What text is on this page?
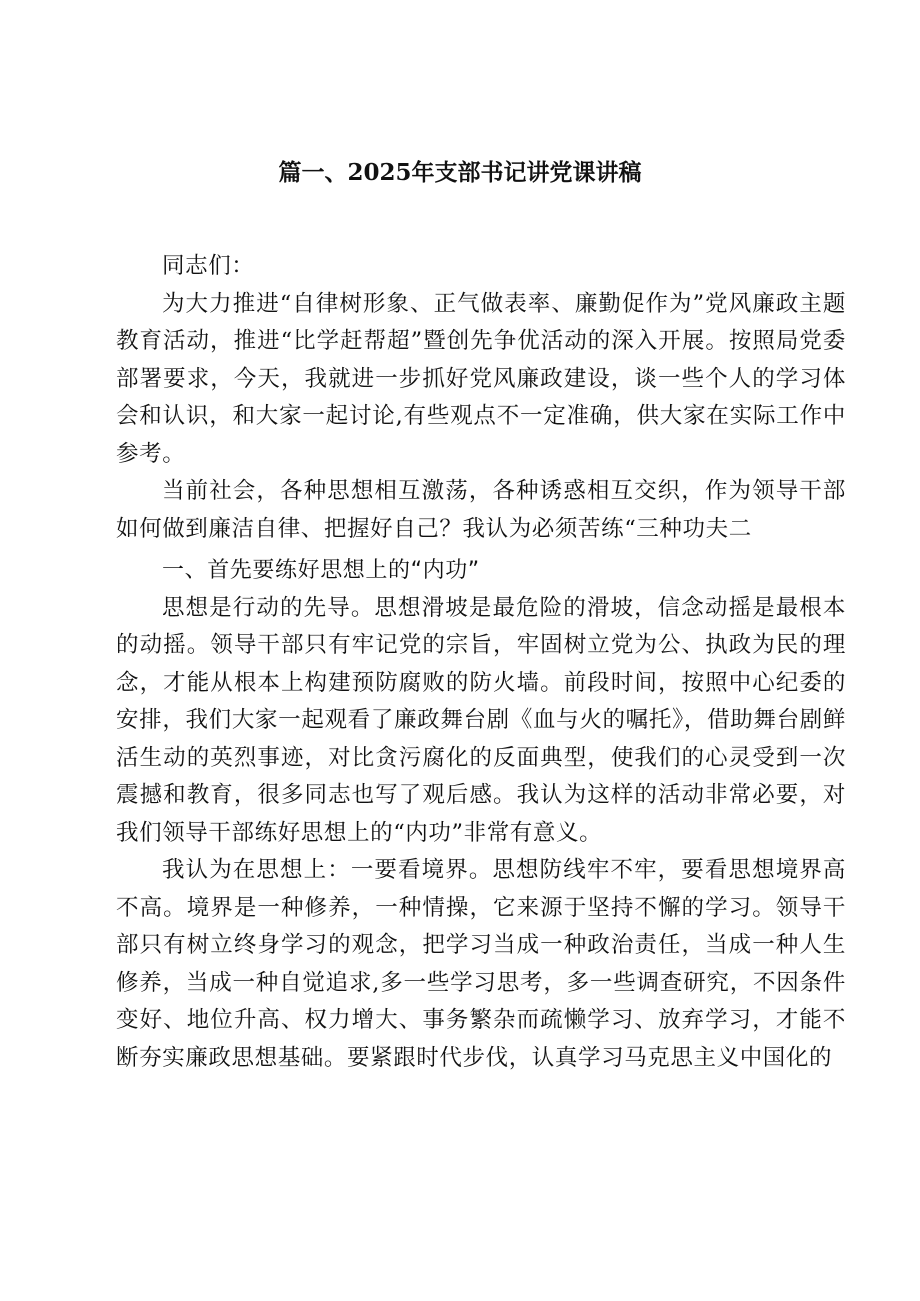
篇一、2025年支部书记讲党课讲稿

同志们：

为大力推进“自律树形象、正气做表率、廉勤促作为”党风廉政主题教育活动，推进“比学赶帮超”暨创先争优活动的深入开展。按照局党委部署要求，今天，我就进一步抓好党风廉政建设，谈一些个人的学习体会和认识，和大家一起讨论,有些观点不一定准确，供大家在实际工作中参考。

当前社会，各种思想相互激荡，各种诱惑相互交织，作为领导干部如何做到廉洁自律、把握好自己？我认为必须苦练“三种功夫二

一、首先要练好思想上的“内功”

思想是行动的先导。思想滑坡是最危险的滑坡，信念动摇是最根本的动摇。领导干部只有牢记党的宗旨，牢固树立党为公、执政为民的理念，才能从根本上构建预防腐败的防火墙。前段时间，按照中心纪委的安排，我们大家一起观看了廉政舞台剧《血与火的嘱托》，借助舞台剧鲜活生动的英烈事迹，对比贪污腐化的反面典型，使我们的心灵受到一次震撼和教育，很多同志也写了观后感。我认为这样的活动非常必要，对我们领导干部练好思想上的“内功”非常有意义。

我认为在思想上：一要看境界。思想防线牢不牢，要看思想境界高不高。境界是一种修养，一种情操，它来源于坚持不懈的学习。领导干部只有树立终身学习的观念，把学习当成一种政治责任，当成一种人生修养，当成一种自觉追求,多一些学习思考，多一些调查研究，不因条件变好、地位升高、权力增大、事务繁杂而疏懒学习、放弃学习，才能不断夯实廉政思想基础。要紧跟时代步伐，认真学习马克思主义中国化的
